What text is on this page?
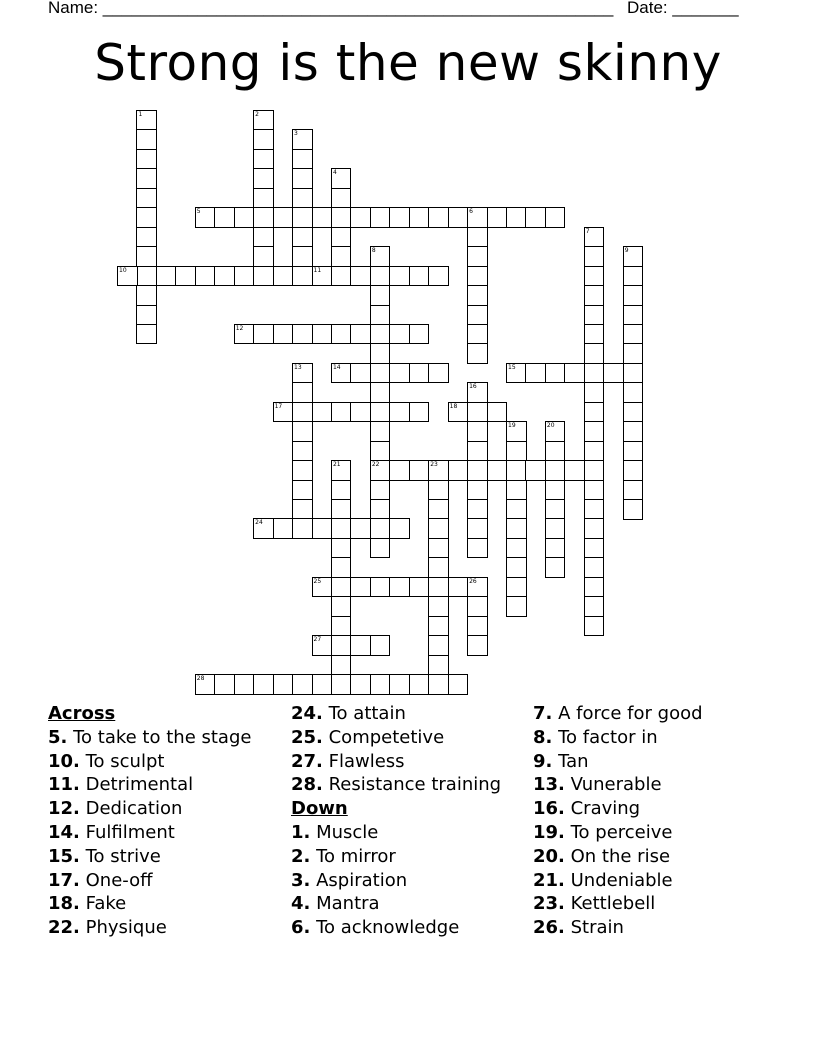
Name: ______________________________________________________ Date: _______
Strong is the new skinny
1	2
3
4
5	6
7
8
22
9
10	11
12
13	14	15
16
17	18
19	20
21	23
24
25	26
27
28
Across
5. To take to the stage
10. To sculpt
11. Detrimental
12. Dedication
14. Fulfilment
15. To strive
17. One-off
18. Fake
22. Physique
24. To attain
25. Competetive
27. Flawless
28. Resistance training
Down
1. Muscle
2. To mirror
3. Aspiration
4. Mantra
6. To acknowledge
7. A force for good
8. To factor in
9. Tan
13. Vunerable
16. Craving
19. To perceive
20. On the rise
21. Undeniable
23. Kettlebell
26. Strain
